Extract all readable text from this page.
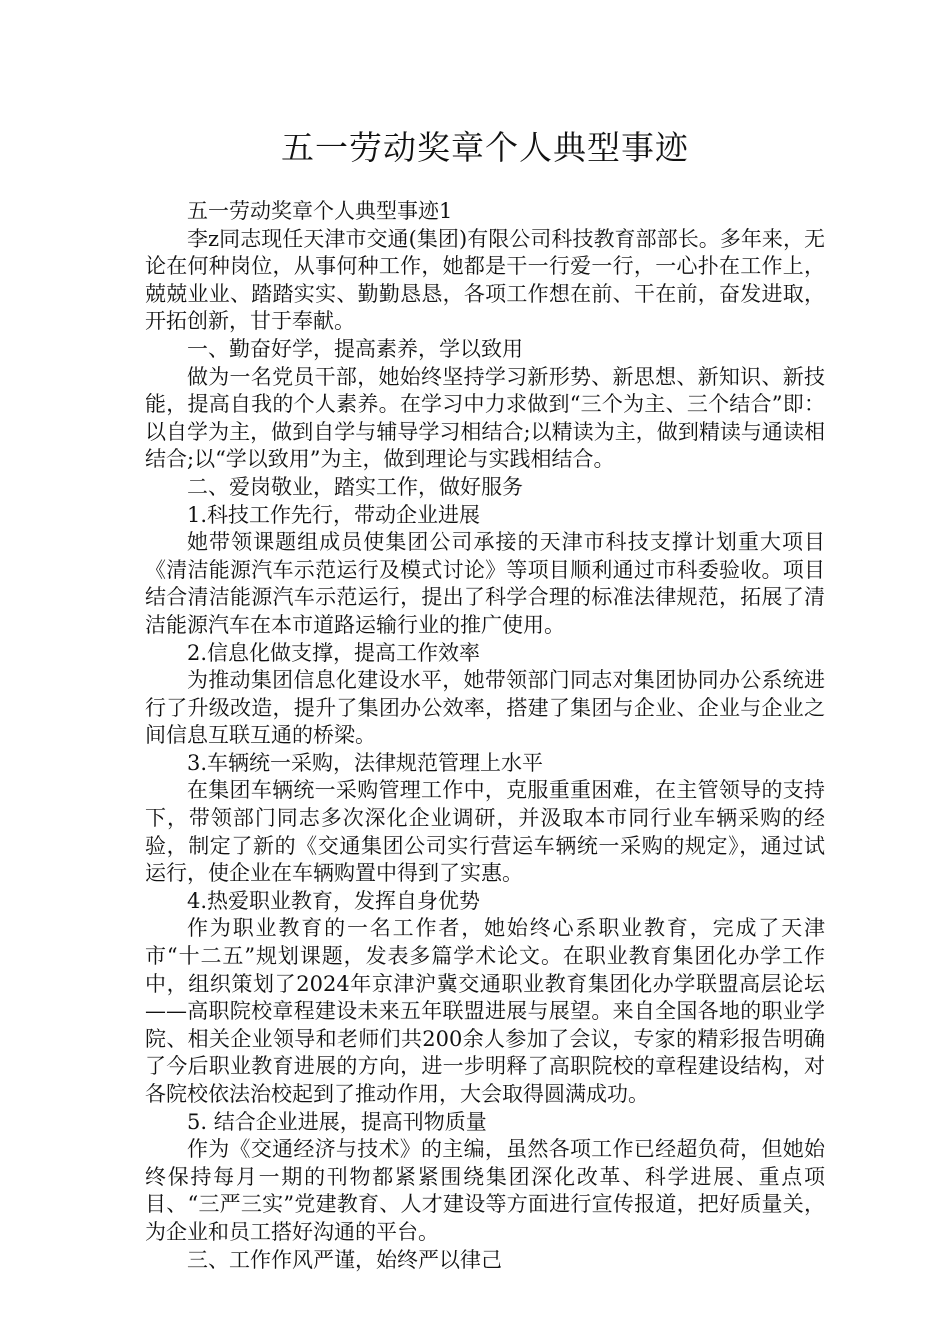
五一劳动奖章个人典型事迹

五一劳动奖章个人典型事迹1

李z同志现任天津市交通(集团)有限公司科技教育部部长。多年来，无论在何种岗位，从事何种工作，她都是干一行爱一行，一心扑在工作上，兢兢业业、踏踏实实、勤勤恳恳，各项工作想在前、干在前，奋发进取，开拓创新，甘于奉献。

一、勤奋好学，提高素养，学以致用

做为一名党员干部，她始终坚持学习新形势、新思想、新知识、新技能，提高自我的个人素养。在学习中力求做到“三个为主、三个结合”即：以自学为主，做到自学与辅导学习相结合;以精读为主，做到精读与通读相结合;以“学以致用”为主，做到理论与实践相结合。

二、爱岗敬业，踏实工作，做好服务

1.科技工作先行，带动企业进展

她带领课题组成员使集团公司承接的天津市科技支撑计划重大项目《清洁能源汽车示范运行及模式讨论》等项目顺利通过市科委验收。项目结合清洁能源汽车示范运行，提出了科学合理的标准法律规范，拓展了清洁能源汽车在本市道路运输行业的推广使用。

2.信息化做支撑，提高工作效率

为推动集团信息化建设水平，她带领部门同志对集团协同办公系统进行了升级改造，提升了集团办公效率，搭建了集团与企业、企业与企业之间信息互联互通的桥梁。

3.车辆统一采购，法律规范管理上水平

在集团车辆统一采购管理工作中，克服重重困难，在主管领导的支持下，带领部门同志多次深化企业调研，并汲取本市同行业车辆采购的经验，制定了新的《交通集团公司实行营运车辆统一采购的规定》，通过试运行，使企业在车辆购置中得到了实惠。

4.热爱职业教育，发挥自身优势

作为职业教育的一名工作者，她始终心系职业教育，完成了天津市“十二五”规划课题，发表多篇学术论文。在职业教育集团化办学工作中，组织策划了2024年京津沪冀交通职业教育集团化办学联盟高层论坛——高职院校章程建设未来五年联盟进展与展望。来自全国各地的职业学院、相关企业领导和老师们共200余人参加了会议，专家的精彩报告明确了今后职业教育进展的方向，进一步明释了高职院校的章程建设结构，对各院校依法治校起到了推动作用，大会取得圆满成功。

5. 结合企业进展，提高刊物质量

作为《交通经济与技术》的主编，虽然各项工作已经超负荷，但她始终保持每月一期的刊物都紧紧围绕集团深化改革、科学进展、重点项目、“三严三实”党建教育、人才建设等方面进行宣传报道，把好质量关，为企业和员工搭好沟通的平台。

三、工作作风严谨，始终严以律己
